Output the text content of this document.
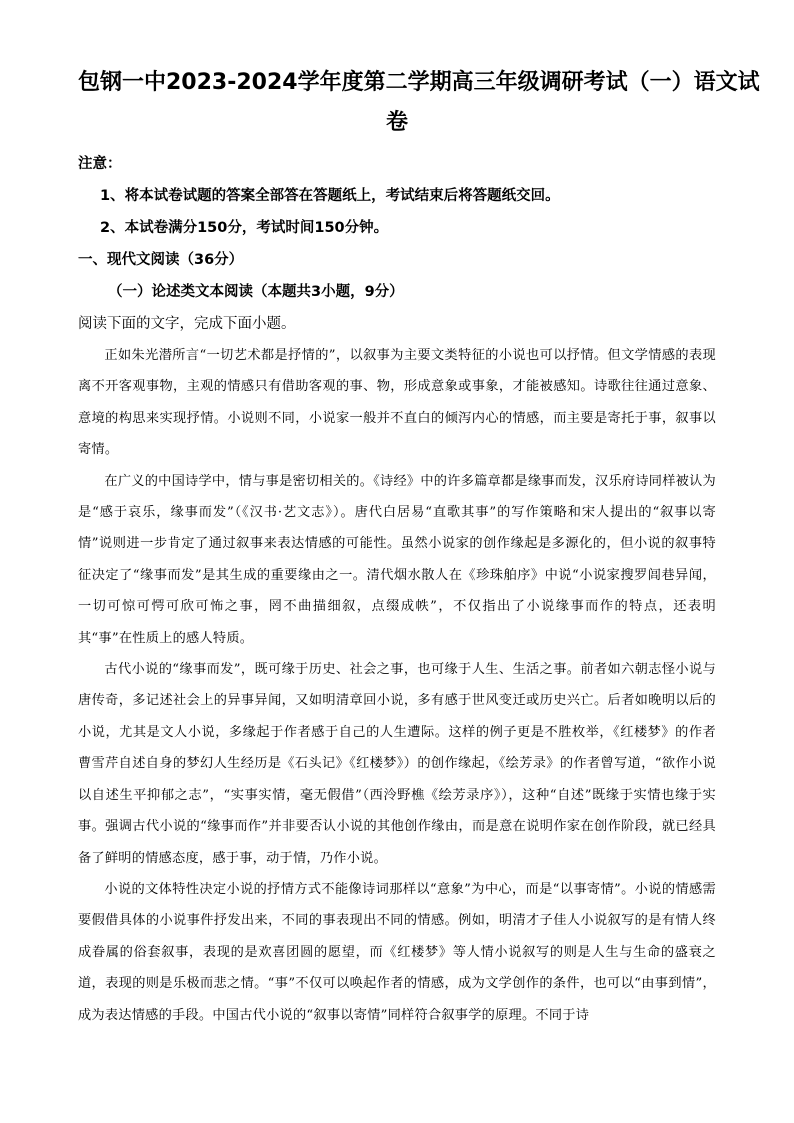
包钢一中2023-2024学年度第二学期高三年级调研考试（一）语文试
卷
注意：
1、将本试卷试题的答案全部答在答题纸上，考试结束后将答题纸交回。
2、本试卷满分150分，考试时间150分钟。
一、现代文阅读（36分）
（一）论述类文本阅读（本题共3小题，9分）
阅读下面的文字，完成下面小题。

正如朱光潜所言“一切艺术都是抒情的”，以叙事为主要文类特征的小说也可以抒情。但文学情感的表现离不开客观事物，主观的情感只有借助客观的事、物，形成意象或事象，才能被感知。诗歌往往通过意象、意境的构思来实现抒情。小说则不同，小说家一般并不直白的倾泻内心的情感，而主要是寄托于事，叙事以寄情。

在广义的中国诗学中，情与事是密切相关的。《诗经》中的许多篇章都是缘事而发，汉乐府诗同样被认为是“感于哀乐，缘事而发”（《汉书·艺文志》）。唐代白居易“直歌其事”的写作策略和宋人提出的“叙事以寄情”说则进一步肯定了通过叙事来表达情感的可能性。虽然小说家的创作缘起是多源化的，但小说的叙事特征决定了“缘事而发”是其生成的重要缘由之一。清代烟水散人在《珍珠舶序》中说“小说家搜罗闾巷异闻，一切可惊可愕可欣可怖之事，罔不曲描细叙，点缀成帙”，不仅指出了小说缘事而作的特点，还表明其“事”在性质上的感人特质。

古代小说的“缘事而发”，既可缘于历史、社会之事，也可缘于人生、生活之事。前者如六朝志怪小说与唐传奇，多记述社会上的异事异闻，又如明清章回小说，多有感于世风变迁或历史兴亡。后者如晚明以后的小说，尤其是文人小说，多缘起于作者感于自己的人生遭际。这样的例子更是不胜枚举，《红楼梦》的作者曹雪芹自述自身的梦幻人生经历是《石头记》《红楼梦》）的创作缘起，《绘芳录》的作者曾写道，“欲作小说以自述生平抑郁之志”，“实事实情，毫无假借”（西泠野樵《绘芳录序》），这种“自述”既缘于实情也缘于实事。强调古代小说的“缘事而作”并非要否认小说的其他创作缘由，而是意在说明作家在创作阶段，就已经具备了鲜明的情感态度，感于事，动于情，乃作小说。

小说的文体特性决定小说的抒情方式不能像诗词那样以“意象”为中心，而是“以事寄情”。小说的情感需要假借具体的小说事件抒发出来，不同的事表现出不同的情感。例如，明清才子佳人小说叙写的是有情人终成眷属的俗套叙事，表现的是欢喜团圆的愿望，而《红楼梦》等人情小说叙写的则是人生与生命的盛衰之道，表现的则是乐极而悲之情。“事”不仅可以唤起作者的情感，成为文学创作的条件，也可以“由事到情”，成为表达情感的手段。中国古代小说的“叙事以寄情”同样符合叙事学的原理。不同于诗
